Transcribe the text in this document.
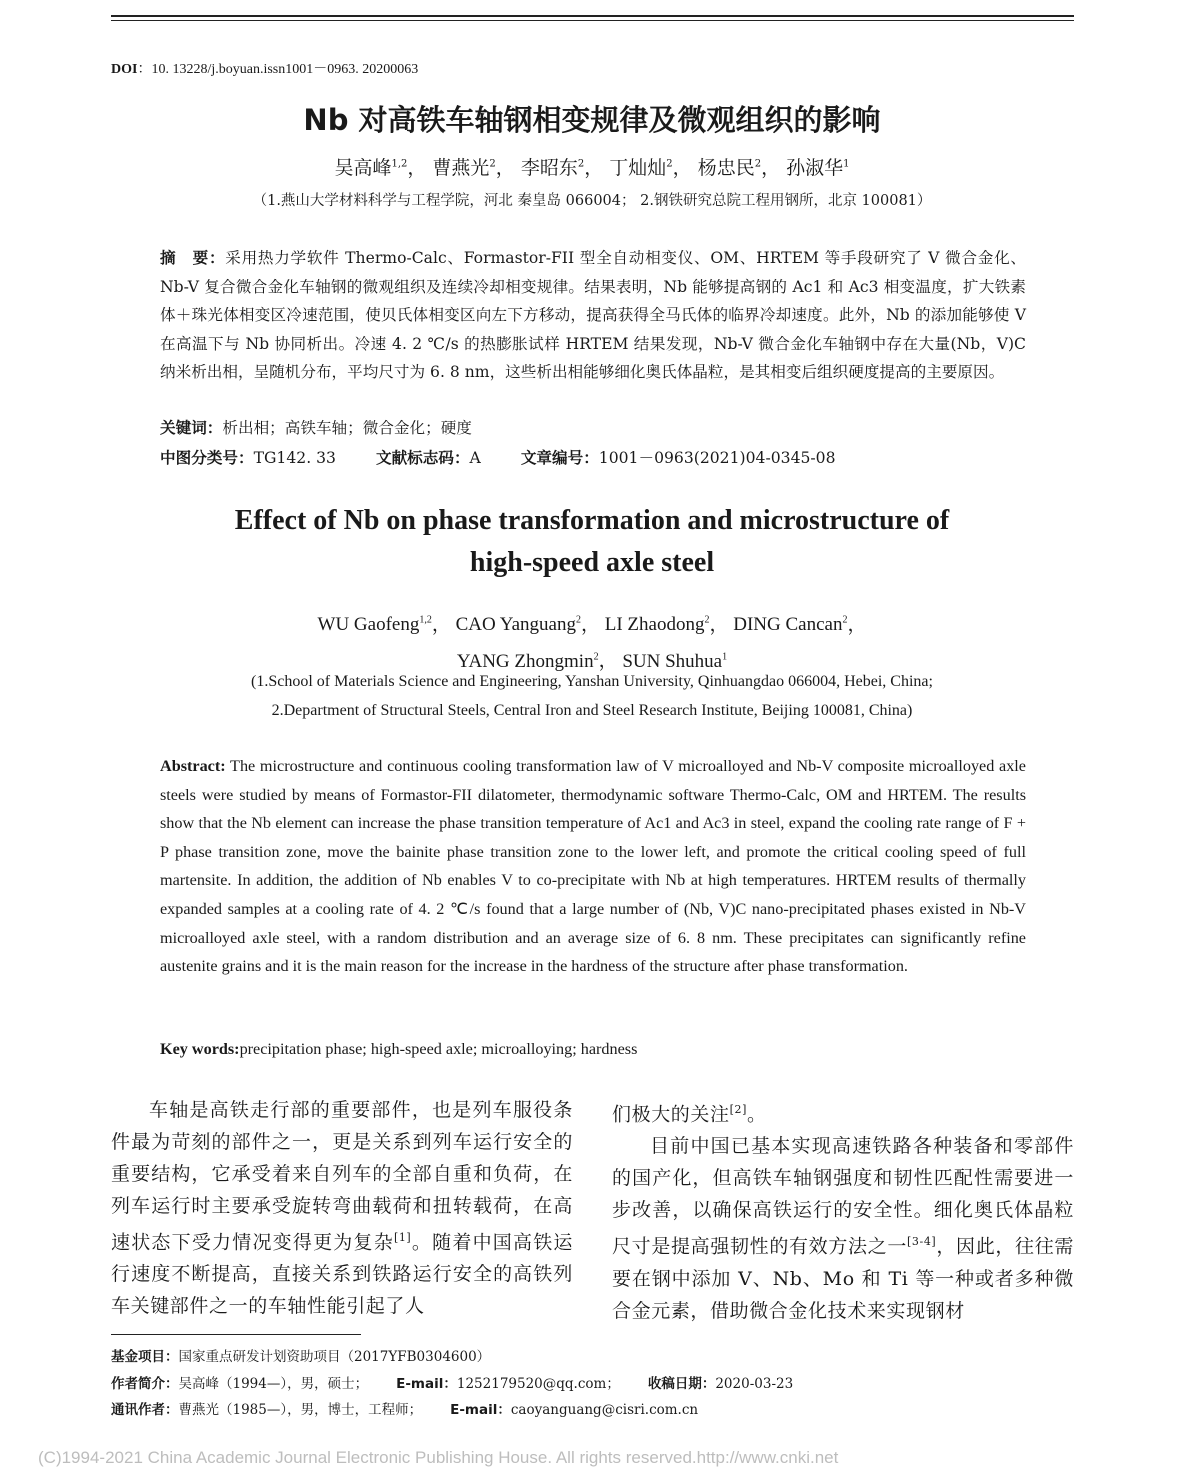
DOI：10. 13228/j.boyuan.issn1001－0963. 20200063
Nb 对高铁车轴钢相变规律及微观组织的影响
吴高峰$^{1,2}$， 曹燕光$^2$， 李昭东$^2$， 丁灿灿$^2$， 杨忠民$^2$， 孙淑华$^1$
（1.燕山大学材料科学与工程学院，河北 秦皇岛 066004； 2.钢铁研究总院工程用钢所，北京 100081）
摘　要：采用热力学软件 Thermo-Calc、Formastor-FII 型全自动相变仪、OM、HRTEM 等手段研究了 V 微合金化、Nb-V 复合微合金化车轴钢的微观组织及连续冷却相变规律。结果表明，Nb 能够提高钢的 Ac1 和 Ac3 相变温度，扩大铁素体＋珠光体相变区冷速范围，使贝氏体相变区向左下方移动，提高获得全马氏体的临界冷却速度。此外，Nb 的添加能够使 V 在高温下与 Nb 协同析出。冷速 4. 2 ℃/s 的热膨胀试样 HRTEM 结果发现，Nb-V 微合金化车轴钢中存在大量(Nb，V)C 纳米析出相，呈随机分布，平均尺寸为 6. 8 nm，这些析出相能够细化奥氏体晶粒，是其相变后组织硬度提高的主要原因。
关键词：析出相；高铁车轴；微合金化；硬度
中图分类号：TG142. 33	文献标志码：A	文章编号：1001－0963(2021)04-0345-08
Effect of Nb on phase transformation and microstructure of
high-speed axle steel
WU Gaofeng$^{1,2}$， CAO Yanguang$^2$， LI Zhaodong$^2$， DING Cancan$^2$，
YANG Zhongmin$^2$， SUN Shuhua$^1$
(1.School of Materials Science and Engineering, Yanshan University, Qinhuangdao 066004, Hebei, China;
2.Department of Structural Steels, Central Iron and Steel Research Institute, Beijing 100081, China)
Abstract: The microstructure and continuous cooling transformation law of V microalloyed and Nb-V composite microalloyed axle steels were studied by means of Formastor-FII dilatometer, thermodynamic software Thermo-Calc, OM and HRTEM. The results show that the Nb element can increase the phase transition temperature of Ac1 and Ac3 in steel, expand the cooling rate range of F + P phase transition zone, move the bainite phase transition zone to the lower left, and promote the critical cooling speed of full martensite. In addition, the addition of Nb enables V to co-precipitate with Nb at high temperatures. HRTEM results of thermally expanded samples at a cooling rate of 4. 2 ℃/s found that a large number of (Nb, V)C nano-precipitated phases existed in Nb-V microalloyed axle steel, with a random distribution and an average size of 6. 8 nm. These precipitates can significantly refine austenite grains and it is the main reason for the increase in the hardness of the structure after phase transformation.
Key words:precipitation phase; high-speed axle; microalloying; hardness
车轴是高铁走行部的重要部件，也是列车服役条件最为苛刻的部件之一，更是关系到列车运行安全的重要结构，它承受着来自列车的全部自重和负荷，在列车运行时主要承受旋转弯曲载荷和扭转载荷，在高速状态下受力情况变得更为复杂[1]。随着中国高铁运行速度不断提高，直接关系到铁路运行安全的高铁列车关键部件之一的车轴性能引起了人
们极大的关注[2]。
目前中国已基本实现高速铁路各种装备和零部件的国产化，但高铁车轴钢强度和韧性匹配性需要进一步改善，以确保高铁运行的安全性。细化奥氏体晶粒尺寸是提高强韧性的有效方法之一[3-4]，因此，往往需要在钢中添加 V、Nb、Mo 和 Ti 等一种或者多种微合金元素，借助微合金化技术来实现钢材
基金项目：国家重点研发计划资助项目（2017YFB0304600）
作者简介：吴高峰（1994—），男，硕士； E-mail：1252179520@qq.com； 收稿日期：2020-03-23
通讯作者：曹燕光（1985—），男，博士，工程师； E-mail：caoyanguang@cisri.com.cn
(C)1994-2021 China Academic Journal Electronic Publishing House. All rights reserved.http://www.cnki.net
